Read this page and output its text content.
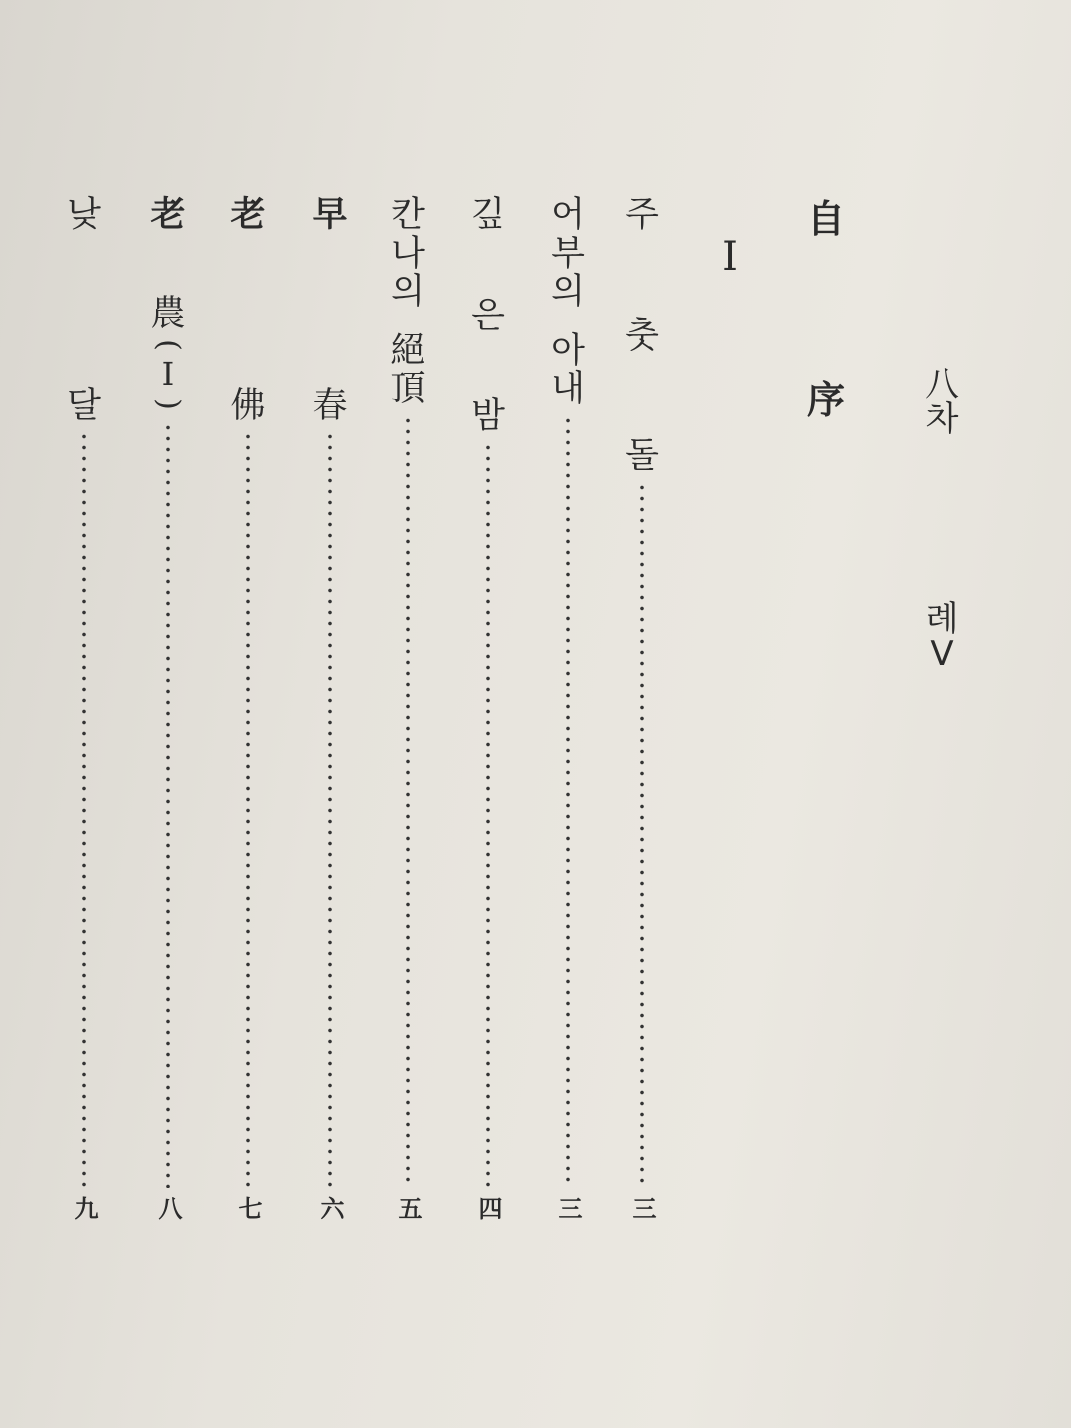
八
차
례
V
自
序
I
주
춧
돌
三
어
부
의
아
내
三
깊
은
밤
四
칸
나
의
絕
頂
五
早
春
六
老
佛
七
老
農
(
I
)
八
낮
달
九
